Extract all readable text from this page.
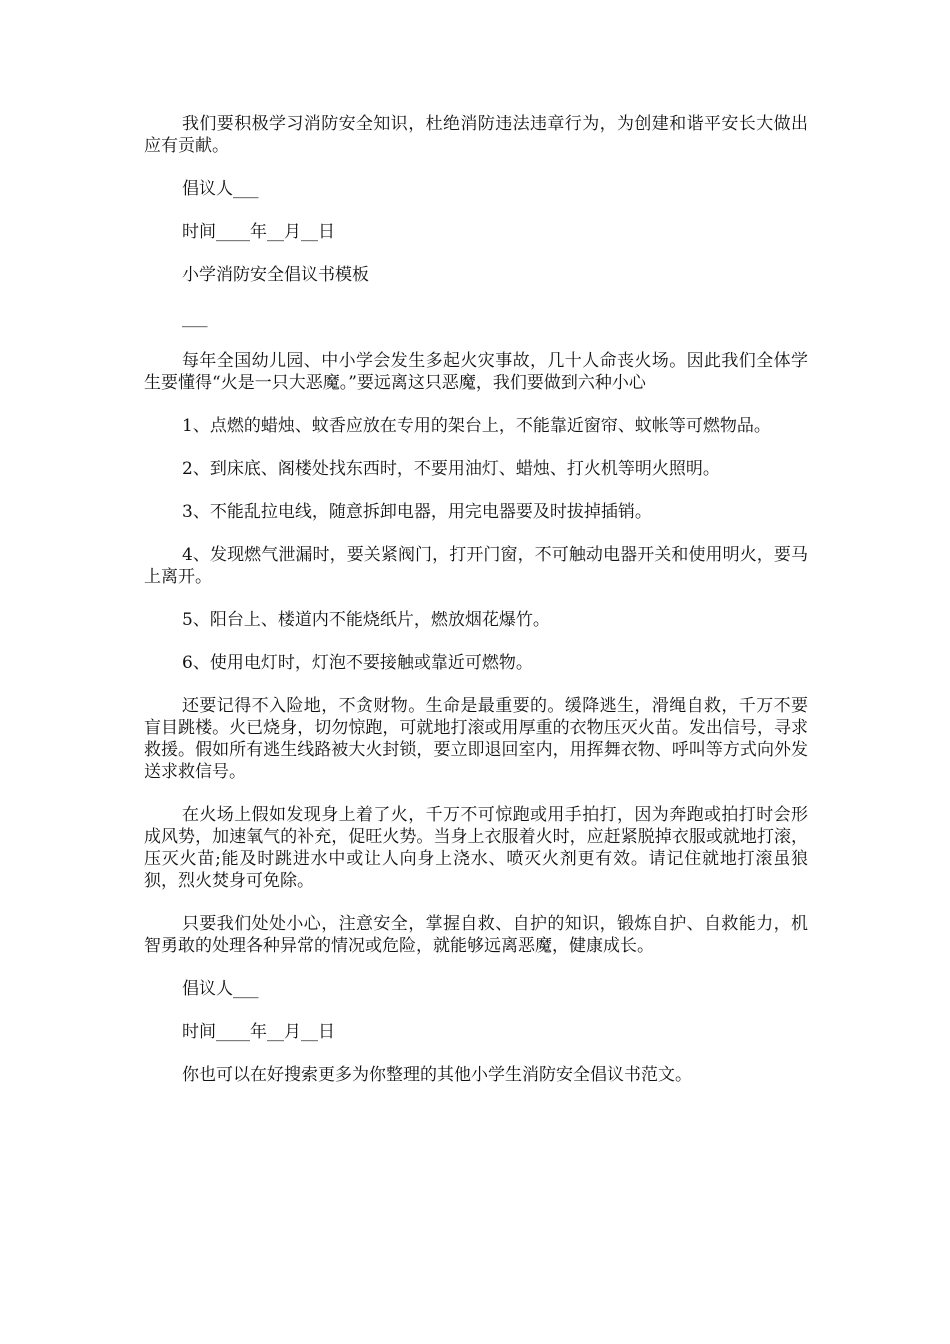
我们要积极学习消防安全知识，杜绝消防违法违章行为，为创建和谐平安长大做出应有贡献。

倡议人___

时间____年__月__日

小学消防安全倡议书模板

___

每年全国幼儿园、中小学会发生多起火灾事故，几十人命丧火场。因此我们全体学生要懂得“火是一只大恶魔。”要远离这只恶魔，我们要做到六种小心

1、点燃的蜡烛、蚊香应放在专用的架台上，不能靠近窗帘、蚊帐等可燃物品。

2、到床底、阁楼处找东西时，不要用油灯、蜡烛、打火机等明火照明。

3、不能乱拉电线，随意拆卸电器，用完电器要及时拔掉插销。

4、发现燃气泄漏时，要关紧阀门，打开门窗，不可触动电器开关和使用明火，要马上离开。

5、阳台上、楼道内不能烧纸片，燃放烟花爆竹。

6、使用电灯时，灯泡不要接触或靠近可燃物。

还要记得不入险地，不贪财物。生命是最重要的。缓降逃生，滑绳自救，千万不要盲目跳楼。火已烧身，切勿惊跑，可就地打滚或用厚重的衣物压灭火苗。发出信号，寻求救援。假如所有逃生线路被大火封锁，要立即退回室内，用挥舞衣物、呼叫等方式向外发送求救信号。

在火场上假如发现身上着了火，千万不可惊跑或用手拍打，因为奔跑或拍打时会形成风势，加速氧气的补充，促旺火势。当身上衣服着火时，应赶紧脱掉衣服或就地打滚，压灭火苗;能及时跳进水中或让人向身上浇水、喷灭火剂更有效。请记住就地打滚虽狼狈，烈火焚身可免除。

只要我们处处小心，注意安全，掌握自救、自护的知识，锻炼自护、自救能力，机智勇敢的处理各种异常的情况或危险，就能够远离恶魔，健康成长。

倡议人___

时间____年__月__日

你也可以在好搜索更多为你整理的其他小学生消防安全倡议书范文。
